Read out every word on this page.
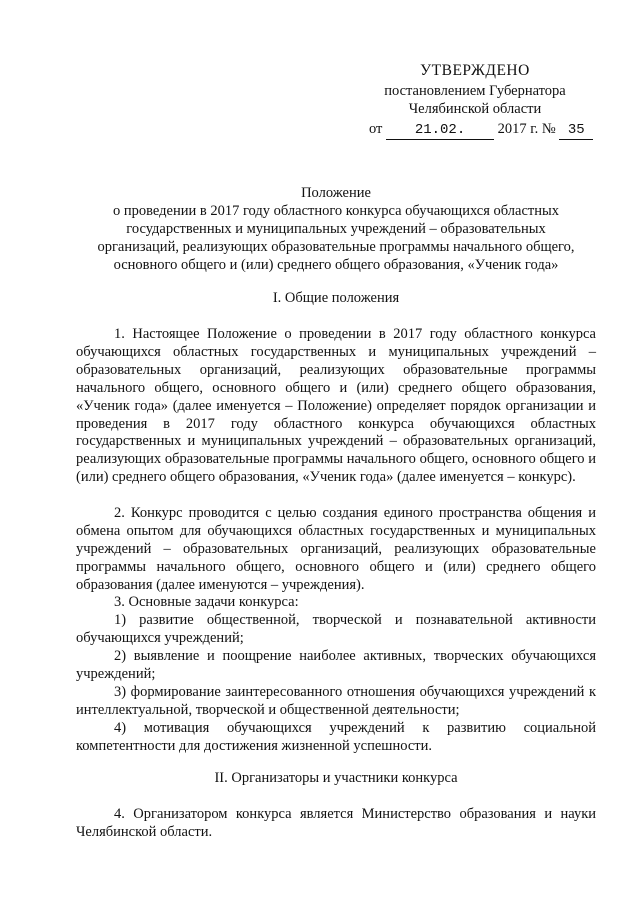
УТВЕРЖДЕНО
постановлением Губернатора
Челябинской области
от 21.02. 2017 г. № 35
Положение
о проведении в 2017 году областного конкурса обучающихся областных
государственных и муниципальных учреждений – образовательных
организаций, реализующих образовательные программы начального общего,
основного общего и (или) среднего общего образования, «Ученик года»
I. Общие положения

1. Настоящее Положение о проведении в 2017 году областного конкурса обучающихся областных государственных и муниципальных учреждений – образовательных организаций, реализующих образовательные программы начального общего, основного общего и (или) среднего общего образования, «Ученик года» (далее именуется – Положение) определяет порядок организации и проведения в 2017 году областного конкурса обучающихся областных государственных и муниципальных учреждений – образовательных организаций, реализующих образовательные программы начального общего, основного общего и (или) среднего общего образования, «Ученик года» (далее именуется – конкурс).

2. Конкурс проводится с целью создания единого пространства общения и обмена опытом для обучающихся областных государственных и муниципальных учреждений – образовательных организаций, реализующих образовательные программы начального общего, основного общего и (или) среднего общего образования (далее именуются – учреждения).

3. Основные задачи конкурса:

1) развитие общественной, творческой и познавательной активности обучающихся учреждений;

2) выявление и поощрение наиболее активных, творческих обучающихся учреждений;

3) формирование заинтересованного отношения обучающихся учреждений к интеллектуальной, творческой и общественной деятельности;

4) мотивация обучающихся учреждений к развитию социальной компетентности для достижения жизненной успешности.

II. Организаторы и участники конкурса

4. Организатором конкурса является Министерство образования и науки Челябинской области.
